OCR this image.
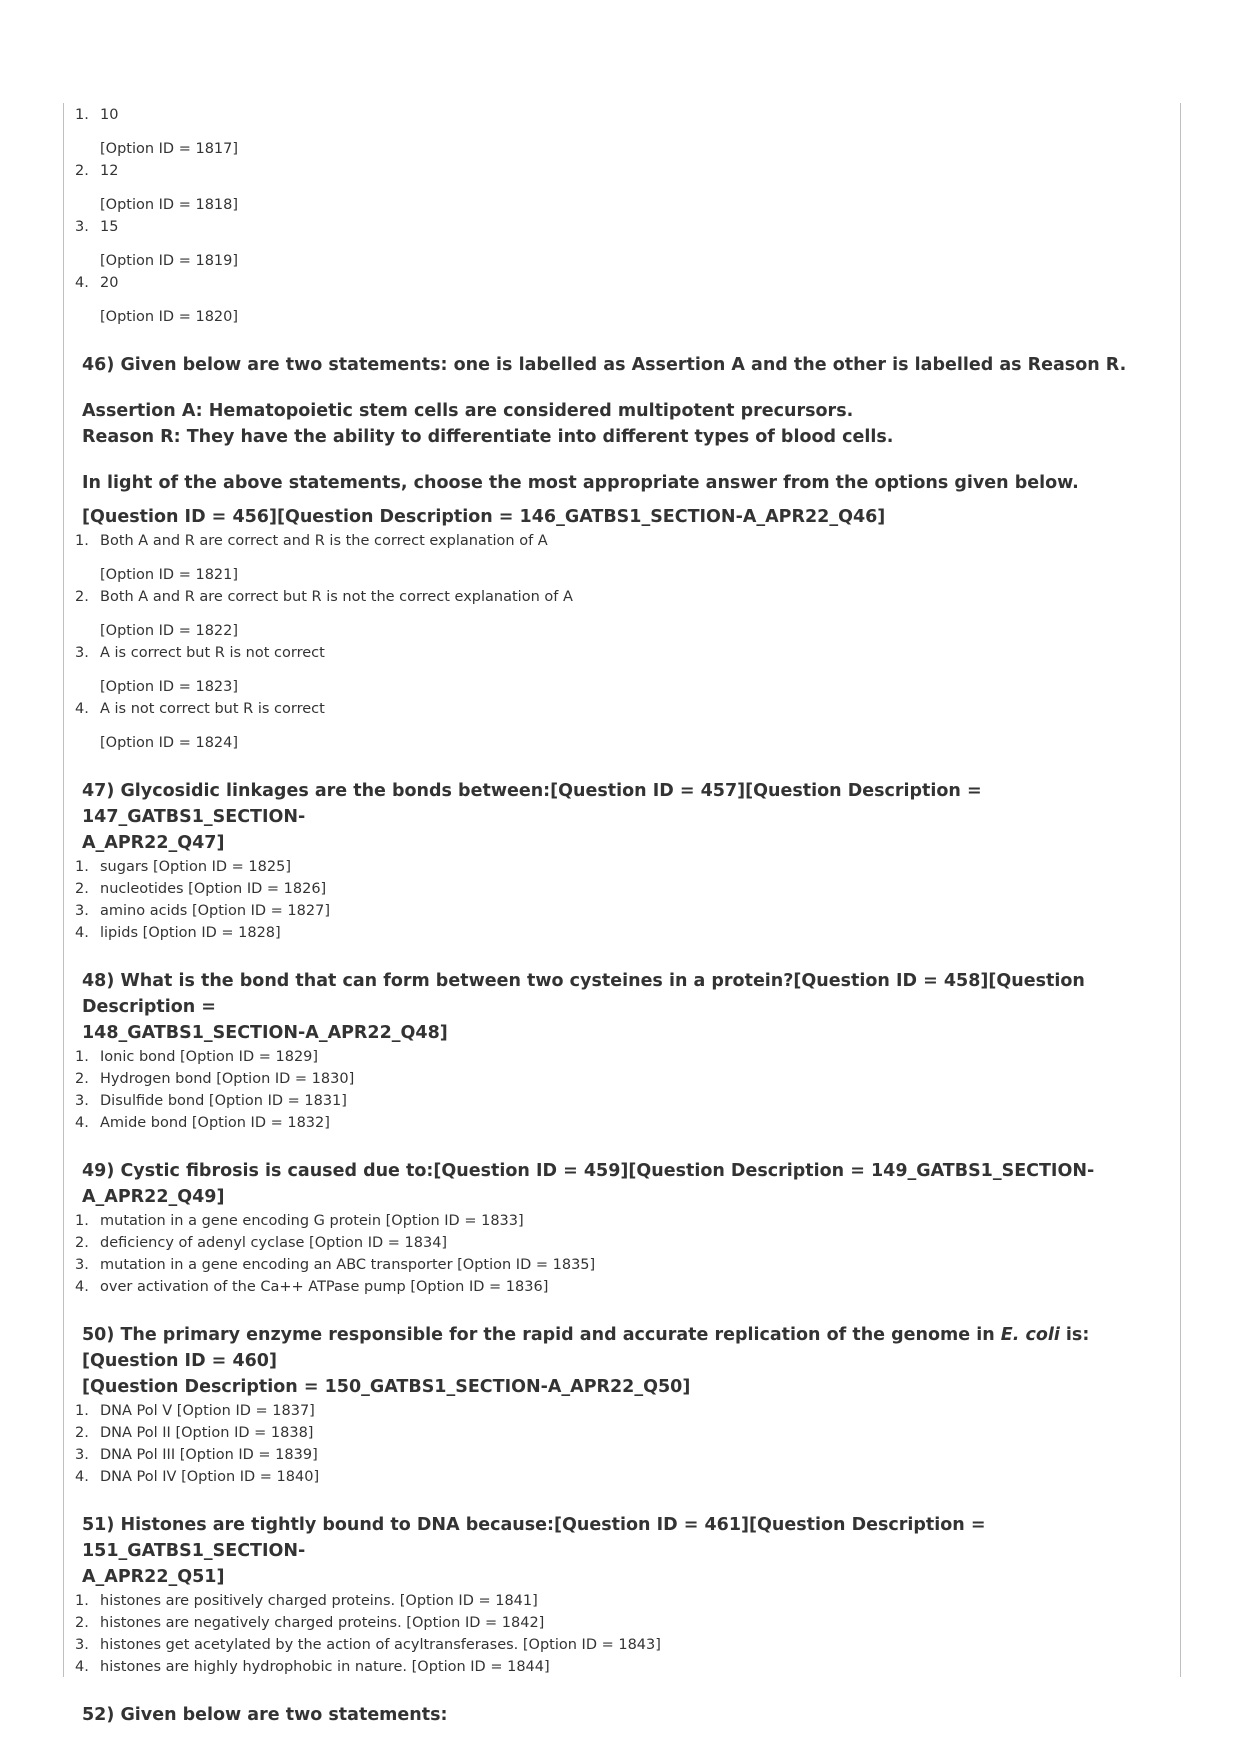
1. 10
[Option ID = 1817]
2. 12
[Option ID = 1818]
3. 15
[Option ID = 1819]
4. 20
[Option ID = 1820]

46) Given below are two statements: one is labelled as Assertion A and the other is labelled as Reason R.

Assertion A: Hematopoietic stem cells are considered multipotent precursors.

Reason R: They have the ability to differentiate into different types of blood cells.

In light of the above statements, choose the most appropriate answer from the options given below.

[Question ID = 456][Question Description = 146_GATBS1_SECTION-A_APR22_Q46]

1. Both A and R are correct and R is the correct explanation of A
[Option ID = 1821]
2. Both A and R are correct but R is not the correct explanation of A
[Option ID = 1822]
3. A is correct but R is not correct
[Option ID = 1823]
4. A is not correct but R is correct
[Option ID = 1824]

47) Glycosidic linkages are the bonds between:[Question ID = 457][Question Description = 147_GATBS1_SECTION-

A_APR22_Q47]

1. sugars [Option ID = 1825]
2. nucleotides [Option ID = 1826]
3. amino acids [Option ID = 1827]
4. lipids [Option ID = 1828]

48) What is the bond that can form between two cysteines in a protein?[Question ID = 458][Question Description =

148_GATBS1_SECTION-A_APR22_Q48]

1. Ionic bond [Option ID = 1829]
2. Hydrogen bond [Option ID = 1830]
3. Disulfide bond [Option ID = 1831]
4. Amide bond [Option ID = 1832]

49) Cystic fibrosis is caused due to:[Question ID = 459][Question Description = 149_GATBS1_SECTION-A_APR22_Q49]

1. mutation in a gene encoding G protein [Option ID = 1833]
2. deficiency of adenyl cyclase [Option ID = 1834]
3. mutation in a gene encoding an ABC transporter [Option ID = 1835]
4. over activation of the Ca++ ATPase pump [Option ID = 1836]

50) The primary enzyme responsible for the rapid and accurate replication of the genome in E. coli is:[Question ID = 460]

[Question Description = 150_GATBS1_SECTION-A_APR22_Q50]

1. DNA Pol V [Option ID = 1837]
2. DNA Pol II [Option ID = 1838]
3. DNA Pol III [Option ID = 1839]
4. DNA Pol IV [Option ID = 1840]

51) Histones are tightly bound to DNA because:[Question ID = 461][Question Description = 151_GATBS1_SECTION-

A_APR22_Q51]

1. histones are positively charged proteins. [Option ID = 1841]
2. histones are negatively charged proteins. [Option ID = 1842]
3. histones get acetylated by the action of acyltransferases. [Option ID = 1843]
4. histones are highly hydrophobic in nature. [Option ID = 1844]

52) Given below are two statements:
